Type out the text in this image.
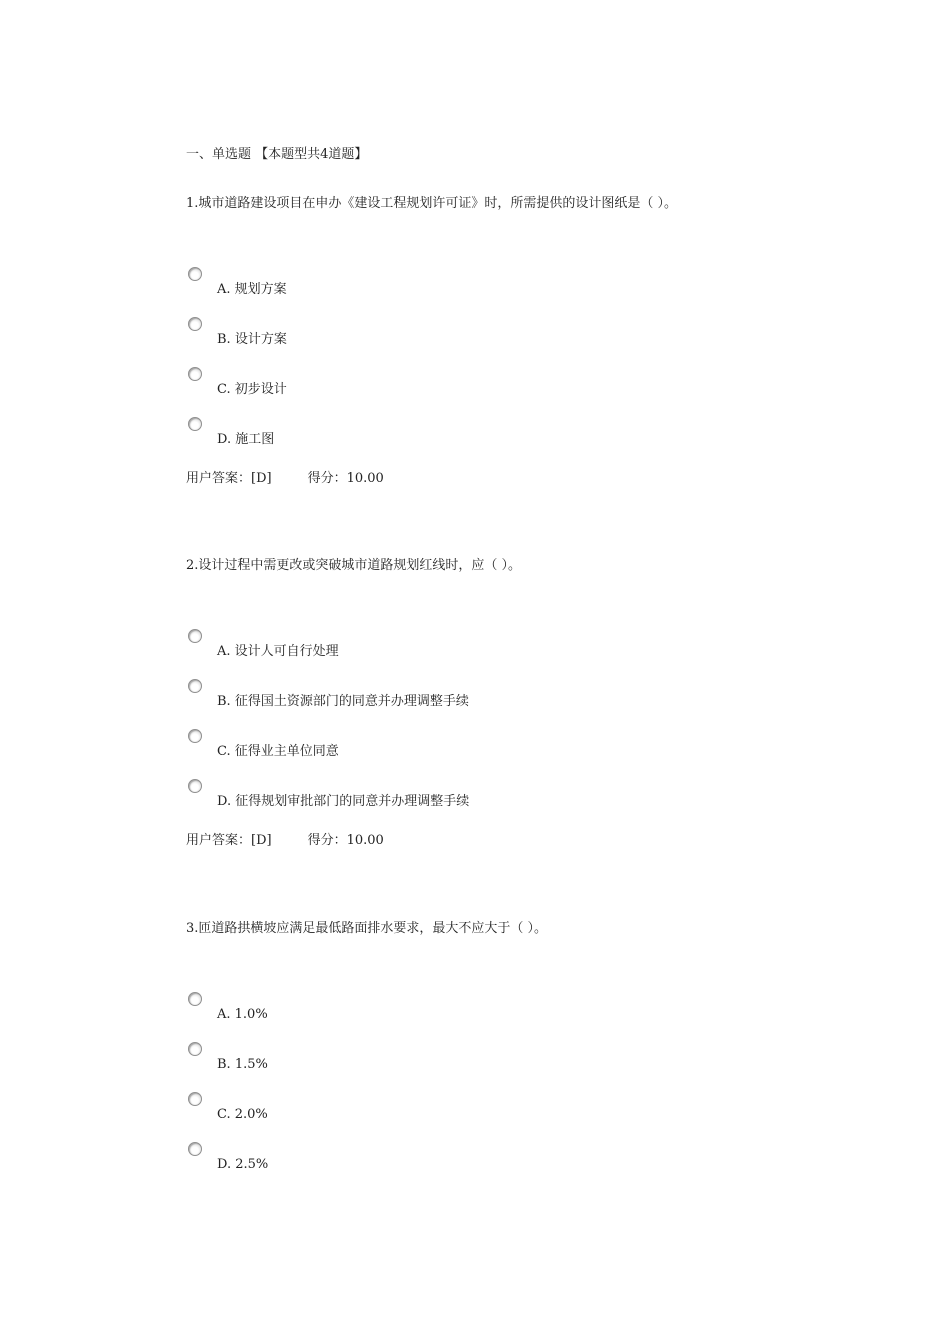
一、单选题 【本题型共4道题】
1.城市道路建设项目在申办《建设工程规划许可证》时，所需提供的设计图纸是（ ）。
A. 规划方案
B. 设计方案
C. 初步设计
D. 施工图
用户答案：[D]	得分：10.00
2.设计过程中需更改或突破城市道路规划红线时，应（ ）。
A. 设计人可自行处理
B. 征得国土资源部门的同意并办理调整手续
C. 征得业主单位同意
D. 征得规划审批部门的同意并办理调整手续
用户答案：[D]	得分：10.00
3.匝道路拱横坡应满足最低路面排水要求，最大不应大于（ ）。
A. 1.0%
B. 1.5%
C. 2.0%
D. 2.5%
